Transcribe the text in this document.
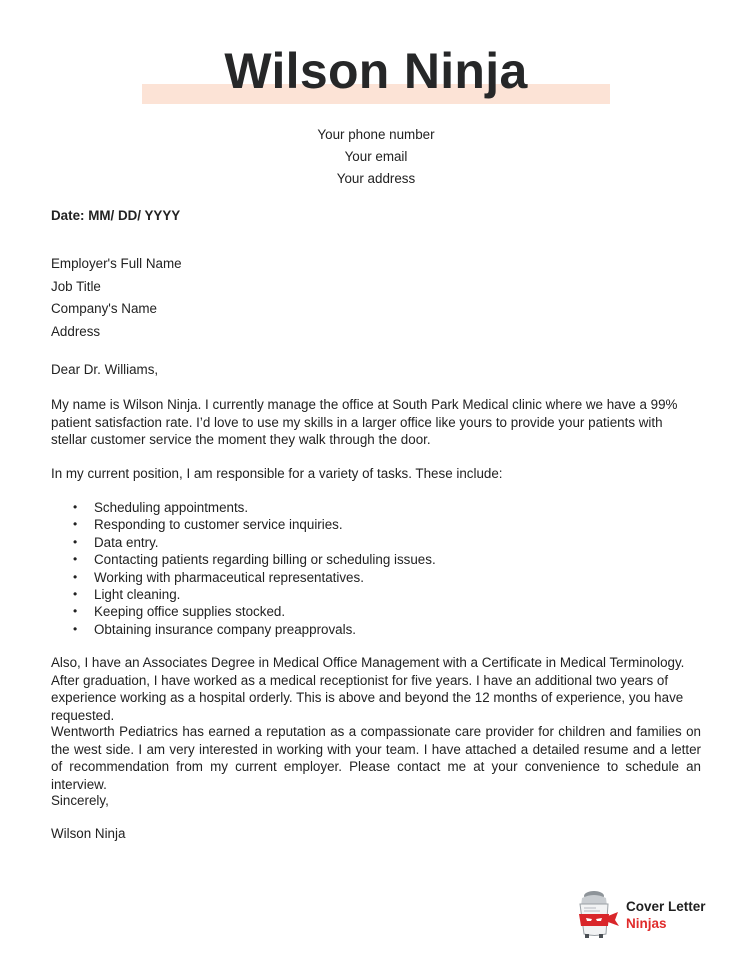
Wilson Ninja
Your phone number
Your email
Your address
Date: MM/ DD/ YYYY
Employer's Full Name
Job Title
Company's Name
Address
Dear Dr. Williams,

My name is Wilson Ninja. I currently manage the office at South Park Medical clinic where we have a 99% patient satisfaction rate. I’d love to use my skills in a larger office like yours to provide your patients with stellar customer service the moment they walk through the door.

In my current position, I am responsible for a variety of tasks. These include:

• Scheduling appointments.
• Responding to customer service inquiries.
• Data entry.
• Contacting patients regarding billing or scheduling issues.
• Working with pharmaceutical representatives.
• Light cleaning.
• Keeping office supplies stocked.
• Obtaining insurance company preapprovals.

Also, I have an Associates Degree in Medical Office Management with a Certificate in Medical Terminology. After graduation, I have worked as a medical receptionist for five years. I have an additional two years of experience working as a hospital orderly. This is above and beyond the 12 months of experience, you have requested.

Wentworth Pediatrics has earned a reputation as a compassionate care provider for children and families on the west side. I am very interested in working with your team. I have attached a detailed resume and a letter of recommendation from my current employer. Please contact me at your convenience to schedule an interview.

Sincerely,
Wilson Ninja
Cover Letter
Ninjas
